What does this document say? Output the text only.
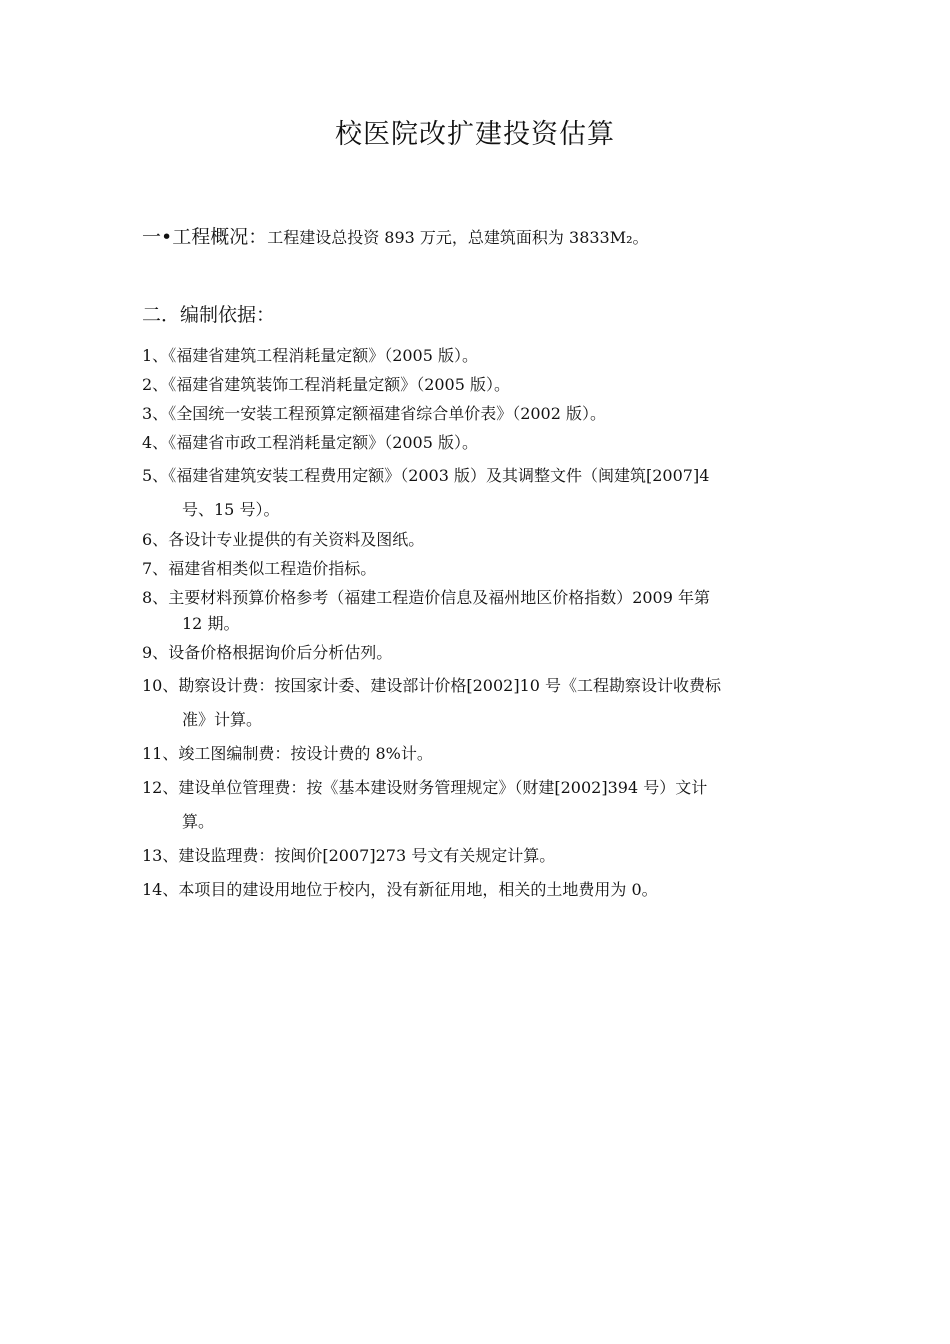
校医院改扩建投资估算
一•工程概况：工程建设总投资 893 万元，总建筑面积为 3833M₂。
二．编制依据：
1、《福建省建筑工程消耗量定额》（2005 版）。
2、《福建省建筑装饰工程消耗量定额》（2005 版）。
3、《全国统一安装工程预算定额福建省综合单价表》（2002 版）。
4、《福建省市政工程消耗量定额》（2005 版）。
5、《福建省建筑安装工程费用定额》（2003 版）及其调整文件（闽建筑[2007]4
号、15 号）。
6、各设计专业提供的有关资料及图纸。
7、福建省相类似工程造价指标。
8、主要材料预算价格参考（福建工程造价信息及福州地区价格指数）2009 年第
12 期。
9、设备价格根据询价后分析估列。
10、勘察设计费：按国家计委、建设部计价格[2002]10 号《工程勘察设计收费标
准》计算。
11、竣工图编制费：按设计费的 8%计。
12、建设单位管理费：按《基本建设财务管理规定》（财建[2002]394 号）文计
算。
13、建设监理费：按闽价[2007]273 号文有关规定计算。
14、本项目的建设用地位于校内，没有新征用地，相关的土地费用为 0。
